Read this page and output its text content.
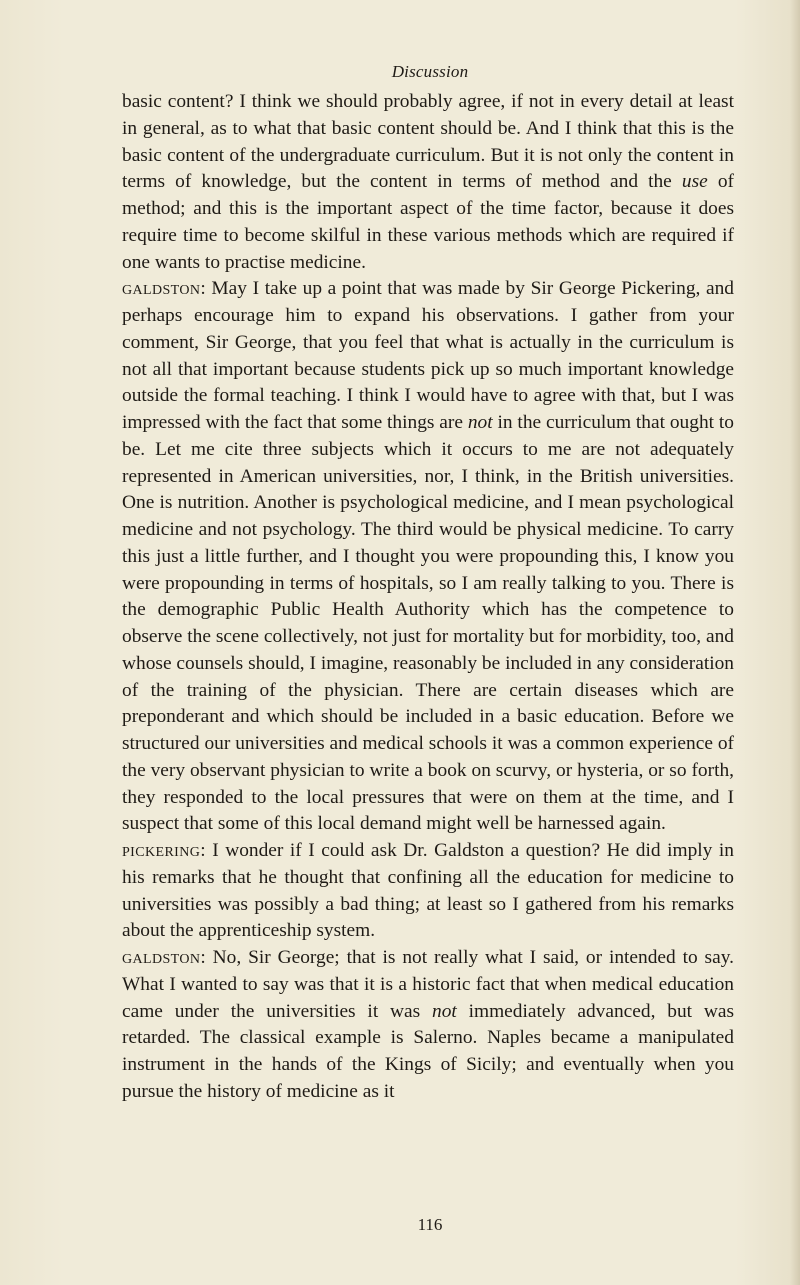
Discussion

basic content? I think we should probably agree, if not in every detail at least in general, as to what that basic content should be. And I think that this is the basic content of the undergraduate curriculum. But it is not only the content in terms of knowledge, but the content in terms of method and the use of method; and this is the important aspect of the time factor, because it does require time to become skilful in these various methods which are required if one wants to practise medicine.

galdston: May I take up a point that was made by Sir George Pickering, and perhaps encourage him to expand his observations. I gather from your comment, Sir George, that you feel that what is actually in the curriculum is not all that important because students pick up so much important knowledge outside the formal teaching. I think I would have to agree with that, but I was impressed with the fact that some things are not in the curriculum that ought to be. Let me cite three subjects which it occurs to me are not adequately represented in American universities, nor, I think, in the British universities. One is nutrition. Another is psychological medicine, and I mean psychological medicine and not psychology. The third would be physical medicine. To carry this just a little further, and I thought you were propounding this, I know you were propounding in terms of hospitals, so I am really talking to you. There is the demographic Public Health Authority which has the competence to observe the scene collectively, not just for mortality but for morbidity, too, and whose counsels should, I imagine, reasonably be included in any consideration of the training of the physician. There are certain diseases which are preponderant and which should be included in a basic education. Before we structured our universities and medical schools it was a common experience of the very observant physician to write a book on scurvy, or hysteria, or so forth, they responded to the local pressures that were on them at the time, and I suspect that some of this local demand might well be harnessed again.

pickering: I wonder if I could ask Dr. Galdston a question? He did imply in his remarks that he thought that confining all the education for medicine to universities was possibly a bad thing; at least so I gathered from his remarks about the apprenticeship system.

galdston: No, Sir George; that is not really what I said, or intended to say. What I wanted to say was that it is a historic fact that when medical education came under the universities it was not immediately advanced, but was retarded. The classical example is Salerno. Naples became a manipulated instrument in the hands of the Kings of Sicily; and eventually when you pursue the history of medicine as it

116
